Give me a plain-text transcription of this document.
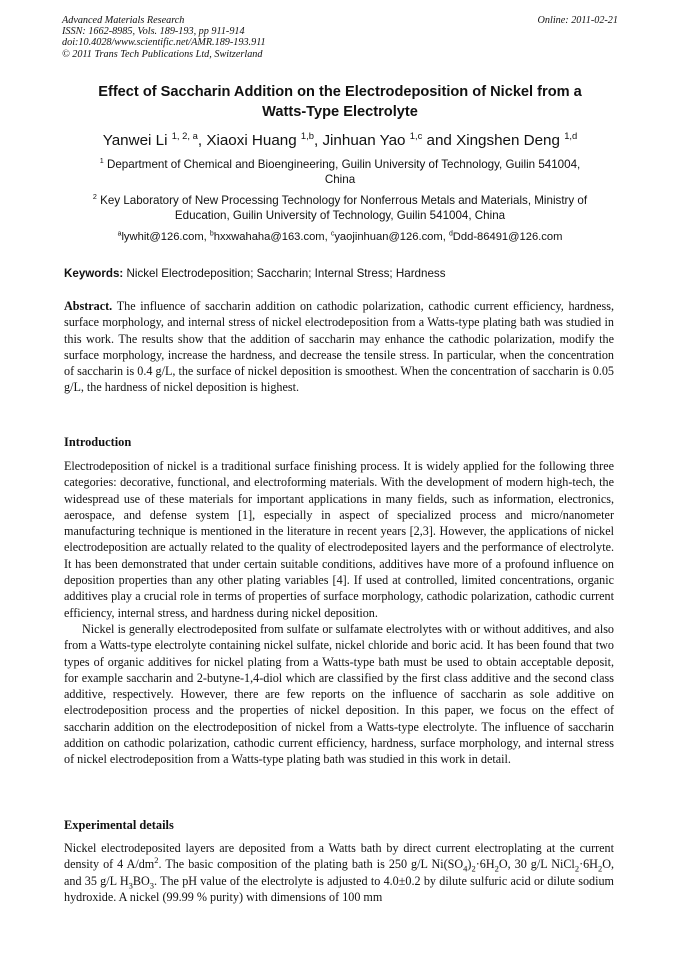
Advanced Materials Research
ISSN: 1662-8985, Vols. 189-193, pp 911-914
doi:10.4028/www.scientific.net/AMR.189-193.911
© 2011 Trans Tech Publications Ltd, Switzerland
Online: 2011-02-21
Effect of Saccharin Addition on the Electrodeposition of Nickel from a
Watts-Type Electrolyte
Yanwei Li $^{1, 2, a}$, Xiaoxi Huang $^{1,b}$, Jinhuan Yao $^{1,c}$ and Xingshen Deng $^{1,d}$
$^1$ Department of Chemical and Bioengineering, Guilin University of Technology, Guilin 541004,
China
$^2$ Key Laboratory of New Processing Technology for Nonferrous Metals and Materials, Ministry of
Education, Guilin University of Technology, Guilin 541004, China
$^a$lywhit@126.com, $^b$hxxwahaha@163.com, $^c$yaojinhuan@126.com, $^d$Ddd-86491@126.com
Keywords: Nickel Electrodeposition; Saccharin; Internal Stress; Hardness

Abstract. The influence of saccharin addition on cathodic polarization, cathodic current efficiency, hardness, surface morphology, and internal stress of nickel electrodeposition from a Watts-type plating bath was studied in this work. The results show that the addition of saccharin may enhance the cathodic polarization, modify the surface morphology, increase the hardness, and decrease the tensile stress. In particular, when the concentration of saccharin is 0.4 g/L, the surface of nickel deposition is smoothest. When the concentration of saccharin is 0.05 g/L, the hardness of nickel deposition is highest.

Introduction

Electrodeposition of nickel is a traditional surface finishing process. It is widely applied for the following three categories: decorative, functional, and electroforming materials. With the development of modern high-tech, the widespread use of these materials for important applications in many fields, such as information, electronics, aerospace, and defense system [1], especially in aspect of specialized process and micro/nanometer manufacturing technique is mentioned in the literature in recent years [2,3]. However, the applications of nickel electrodeposition are actually related to the quality of electrodeposited layers and the performance of electrolyte. It has been demonstrated that under certain suitable conditions, additives have more of a profound influence on deposition properties than any other plating variables [4]. If used at controlled, limited concentrations, organic additives play a crucial role in terms of properties of surface morphology, cathodic polarization, cathodic current efficiency, internal stress, and hardness during nickel deposition.

Nickel is generally electrodeposited from sulfate or sulfamate electrolytes with or without additives, and also from a Watts-type electrolyte containing nickel sulfate, nickel chloride and boric acid. It has been found that two types of organic additives for nickel plating from a Watts-type bath must be used to obtain acceptable deposit, for example saccharin and 2-butyne-1,4-diol which are classified by the first class additive and the second class additive, respectively. However, there are few reports on the influence of saccharin as sole additive on electrodeposition process and the properties of nickel deposition. In this paper, we focus on the effect of saccharin addition on the electrodeposition of nickel from a Watts-type electrolyte. The influence of saccharin addition on cathodic polarization, cathodic current efficiency, hardness, surface morphology, and internal stress of nickel electrodeposition from a Watts-type plating bath was studied in this work in detail.

Experimental details

Nickel electrodeposited layers are deposited from a Watts bath by direct current electroplating at the current density of 4 $A/dm^2$. The basic composition of the plating bath is 250 g/L $Ni(SO_4)_2\cdot 6H_2O$, 30 g/L $NiCl_2\cdot 6H_2O$, and 35 g/L $H_3BO_3$. The pH value of the electrolyte is adjusted to 4.0±0.2 by dilute sulfuric acid or dilute sodium hydroxide. A nickel (99.99 % purity) with dimensions of 100 mm
